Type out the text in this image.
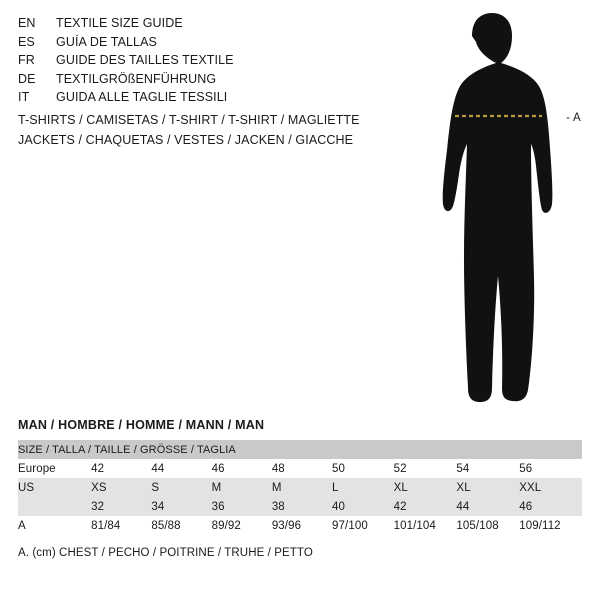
EN	TEXTILE SIZE GUIDE
ES	GUÍA DE TALLAS
FR	GUIDE DES TAILLES TEXTILE
DE	TEXTILGRÖßENFÜHRUNG
IT	GUIDA ALLE TAGLIE TESSILI
T-SHIRTS / CAMISETAS / T-SHIRT / T-SHIRT / MAGLIETTE
JACKETS / CHAQUETAS / VESTES / JACKEN / GIACCHE
- A
MAN / HOMBRE / HOMME / MANN / MAN
SIZE / TALLA / TAILLE / GRÖSSE / TAGLIA								
Europe	42	44	46	48	50	52	54	56
US	XS	S	M	M	L	XL	XL	XXL
	32	34	36	38	40	42	44	46
A	81/84	85/88	89/92	93/96	97/100	101/104	105/108	109/112
A. (cm) CHEST / PECHO / POITRINE / TRUHE / PETTO
